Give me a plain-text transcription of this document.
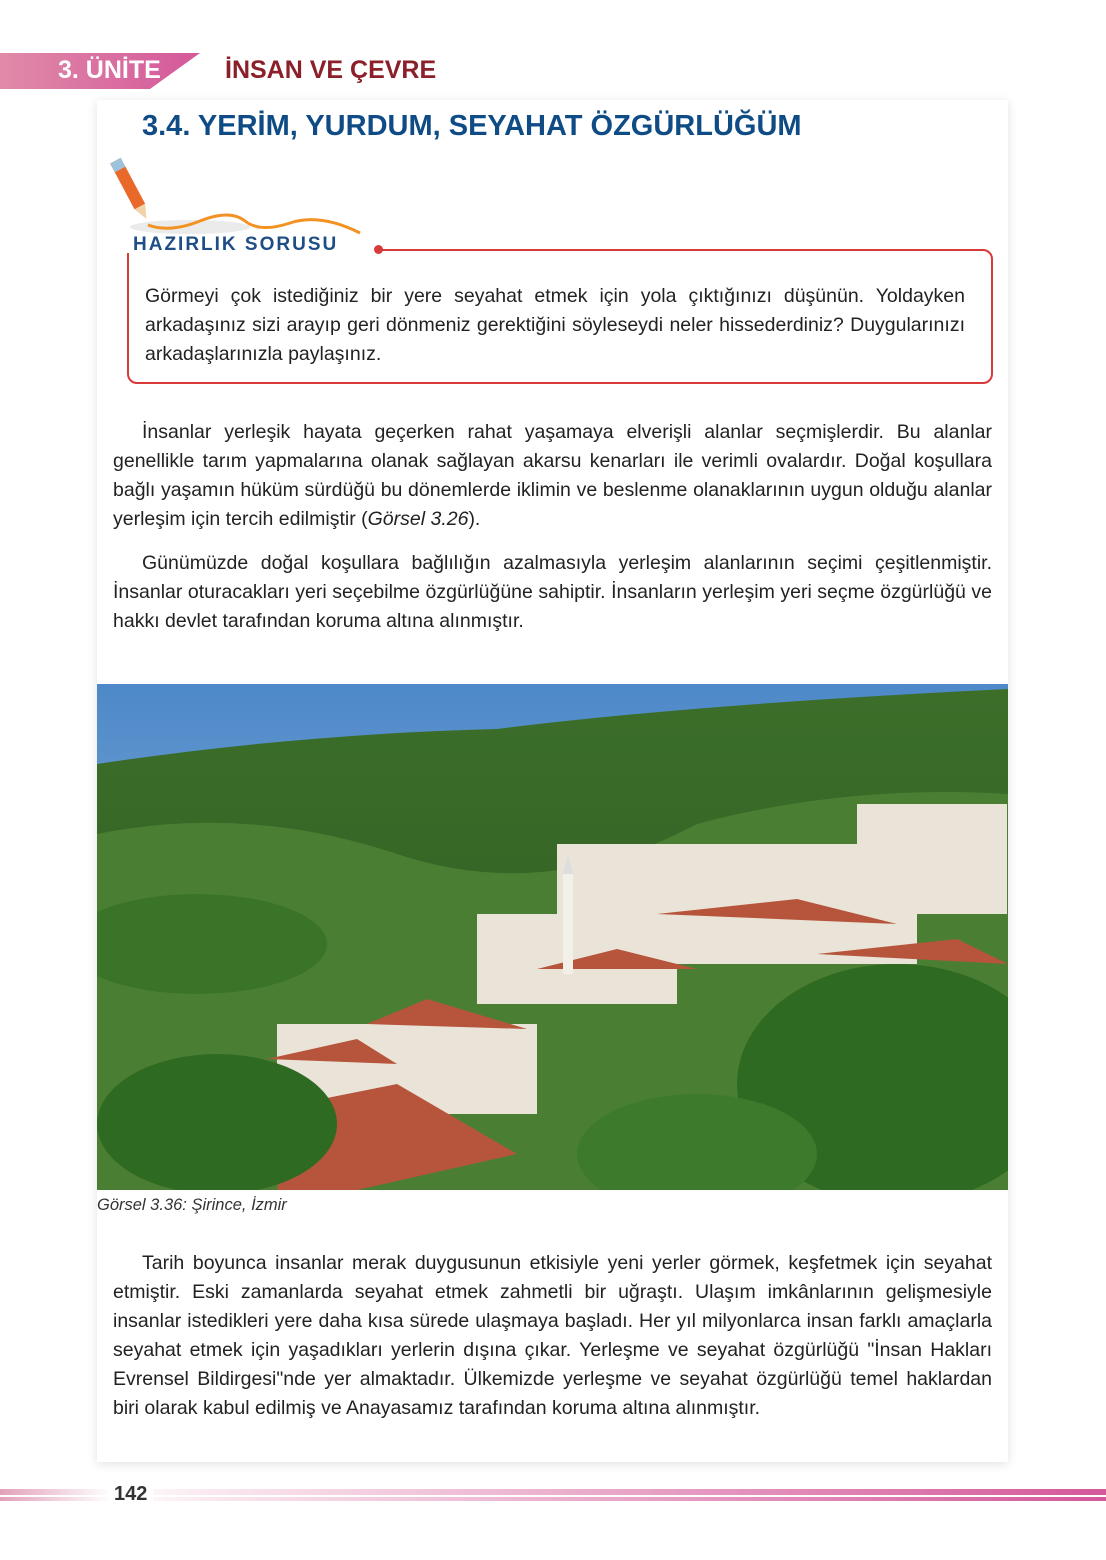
3. ÜNİTE	İNSAN VE ÇEVRE
3.4. YERİM, YURDUM, SEYAHAT ÖZGÜRLÜĞÜM
HAZIRLIK SORUSU

Görmeyi çok istediğiniz bir yere seyahat etmek için yola çıktığınızı düşünün. Yoldayken arkadaşınız sizi arayıp geri dönmeniz gerektiğini söyleseydi neler hissederdiniz? Duygularınızı arkadaşlarınızla paylaşınız.

İnsanlar yerleşik hayata geçerken rahat yaşamaya elverişli alanlar seçmişlerdir. Bu alanlar genellikle tarım yapmalarına olanak sağlayan akarsu kenarları ile verimli ovalardır. Doğal koşullara bağlı yaşamın hüküm sürdüğü bu dönemlerde iklimin ve beslenme olanaklarının uygun olduğu alanlar yerleşim için tercih edilmiştir (Görsel 3.26).

Günümüzde doğal koşullara bağlılığın azalmasıyla yerleşim alanlarının seçimi çeşitlenmiştir. İnsanlar oturacakları yeri seçebilme özgürlüğüne sahiptir. İnsanların yerleşim yeri seçme özgürlüğü ve hakkı devlet tarafından koruma altına alınmıştır.

Görsel 3.36: Şirince, İzmir

Tarih boyunca insanlar merak duygusunun etkisiyle yeni yerler görmek, keşfetmek için seyahat etmiştir. Eski zamanlarda seyahat etmek zahmetli bir uğraştı. Ulaşım imkânlarının gelişmesiyle insanlar istedikleri yere daha kısa sürede ulaşmaya başladı. Her yıl milyonlarca insan farklı amaçlarla seyahat etmek için yaşadıkları yerlerin dışına çıkar. Yerleşme ve seyahat özgürlüğü "İnsan Hakları Evrensel Bildirgesi"nde yer almaktadır. Ülkemizde yerleşme ve seyahat özgürlüğü temel haklardan biri olarak kabul edilmiş ve Anayasamız tarafından koruma altına alınmıştır.

142
